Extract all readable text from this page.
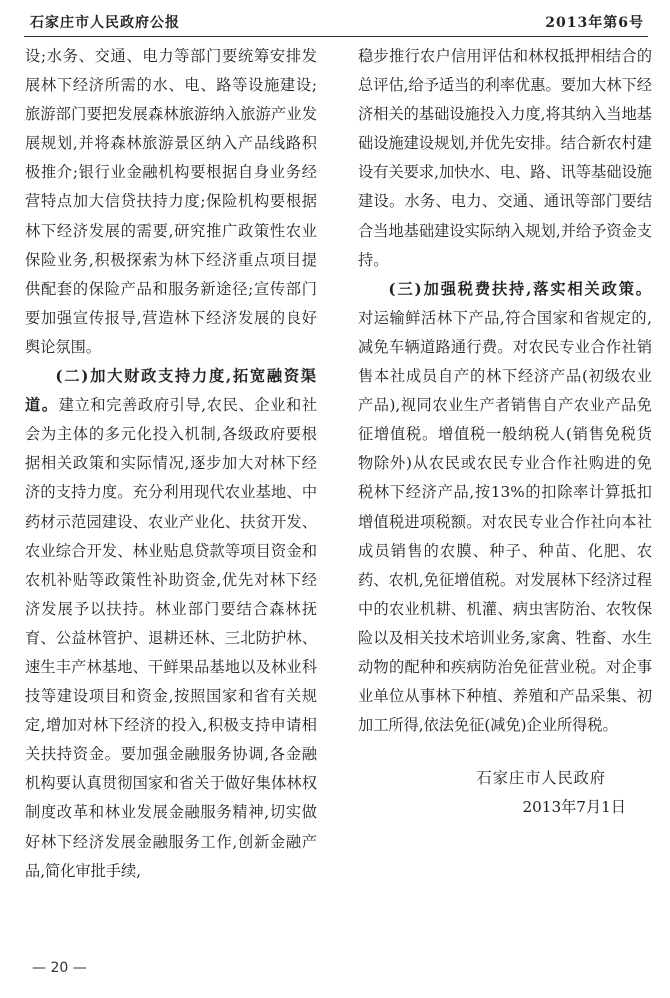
石家庄市人民政府公报	2013年第6号

设;水务、交通、电力等部门要统筹安排发展林下经济所需的水、电、路等设施建设;旅游部门要把发展森林旅游纳入旅游产业发展规划,并将森林旅游景区纳入产品线路积极推介;银行业金融机构要根据自身业务经营特点加大信贷扶持力度;保险机构要根据林下经济发展的需要,研究推广政策性农业保险业务,积极探索为林下经济重点项目提供配套的保险产品和服务新途径;宣传部门要加强宣传报导,营造林下经济发展的良好舆论氛围。

(二)加大财政支持力度,拓宽融资渠道。建立和完善政府引导,农民、企业和社会为主体的多元化投入机制,各级政府要根据相关政策和实际情况,逐步加大对林下经济的支持力度。充分利用现代农业基地、中药材示范园建设、农业产业化、扶贫开发、农业综合开发、林业贴息贷款等项目资金和农机补贴等政策性补助资金,优先对林下经济发展予以扶持。林业部门要结合森林抚育、公益林管护、退耕还林、三北防护林、速生丰产林基地、干鲜果品基地以及林业科技等建设项目和资金,按照国家和省有关规定,增加对林下经济的投入,积极支持申请相关扶持资金。要加强金融服务协调,各金融机构要认真贯彻国家和省关于做好集体林权制度改革和林业发展金融服务精神,切实做好林下经济发展金融服务工作,创新金融产品,简化审批手续,

稳步推行农户信用评估和林权抵押相结合的总评估,给予适当的利率优惠。要加大林下经济相关的基础设施投入力度,将其纳入当地基础设施建设规划,并优先安排。结合新农村建设有关要求,加快水、电、路、讯等基础设施建设。水务、电力、交通、通讯等部门要结合当地基础建设实际纳入规划,并给予资金支持。

(三)加强税费扶持,落实相关政策。对运输鲜活林下产品,符合国家和省规定的,减免车辆道路通行费。对农民专业合作社销售本社成员自产的林下经济产品(初级农业产品),视同农业生产者销售自产农业产品免征增值税。增值税一般纳税人(销售免税货物除外)从农民或农民专业合作社购进的免税林下经济产品,按13%的扣除率计算抵扣增值税进项税额。对农民专业合作社向本社成员销售的农膜、种子、种苗、化肥、农药、农机,免征增值税。对发展林下经济过程中的农业机耕、机灌、病虫害防治、农牧保险以及相关技术培训业务,家禽、牲畜、水生动物的配种和疾病防治免征营业税。对企事业单位从事林下种植、养殖和产品采集、初加工所得,依法免征(减免)企业所得税。

石家庄市人民政府
2013年7月1日
— 20 —
